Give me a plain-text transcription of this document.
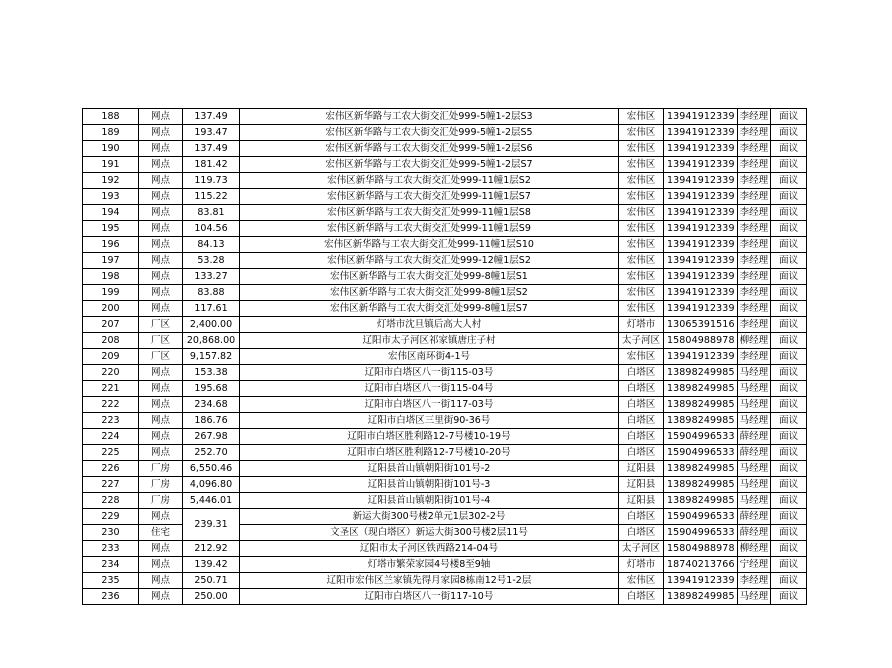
188	网点	137.49	宏伟区新华路与工农大街交汇处999-5幢1-2层S3	宏伟区	13941912339	李经理	面议
189	网点	193.47	宏伟区新华路与工农大街交汇处999-5幢1-2层S5	宏伟区	13941912339	李经理	面议
190	网点	137.49	宏伟区新华路与工农大街交汇处999-5幢1-2层S6	宏伟区	13941912339	李经理	面议
191	网点	181.42	宏伟区新华路与工农大街交汇处999-5幢1-2层S7	宏伟区	13941912339	李经理	面议
192	网点	119.73	宏伟区新华路与工农大街交汇处999-11幢1层S2	宏伟区	13941912339	李经理	面议
193	网点	115.22	宏伟区新华路与工农大街交汇处999-11幢1层S7	宏伟区	13941912339	李经理	面议
194	网点	83.81	宏伟区新华路与工农大街交汇处999-11幢1层S8	宏伟区	13941912339	李经理	面议
195	网点	104.56	宏伟区新华路与工农大街交汇处999-11幢1层S9	宏伟区	13941912339	李经理	面议
196	网点	84.13	宏伟区新华路与工农大街交汇处999-11幢1层S10	宏伟区	13941912339	李经理	面议
197	网点	53.28	宏伟区新华路与工农大街交汇处999-12幢1层S2	宏伟区	13941912339	李经理	面议
198	网点	133.27	宏伟区新华路与工农大街交汇处999-8幢1层S1	宏伟区	13941912339	李经理	面议
199	网点	83.88	宏伟区新华路与工农大街交汇处999-8幢1层S2	宏伟区	13941912339	李经理	面议
200	网点	117.61	宏伟区新华路与工农大街交汇处999-8幢1层S7	宏伟区	13941912339	李经理	面议
207	厂区	2,400.00	灯塔市沈旦镇后高大人村	灯塔市	13065391516	李经理	面议
208	厂区	20,868.00	辽阳市太子河区祁家镇唐庄子村	太子河区	15804988978	柳经理	面议
209	厂区	9,157.82	宏伟区南环街4-1号	宏伟区	13941912339	李经理	面议
220	网点	153.38	辽阳市白塔区八一街115-03号	白塔区	13898249985	马经理	面议
221	网点	195.68	辽阳市白塔区八一街115-04号	白塔区	13898249985	马经理	面议
222	网点	234.68	辽阳市白塔区八一街117-03号	白塔区	13898249985	马经理	面议
223	网点	186.76	辽阳市白塔区三里街90-36号	白塔区	13898249985	马经理	面议
224	网点	267.98	辽阳市白塔区胜利路12-7号楼10-19号	白塔区	15904996533	薛经理	面议
225	网点	252.70	辽阳市白塔区胜利路12-7号楼10-20号	白塔区	15904996533	薛经理	面议
226	厂房	6,550.46	辽阳县首山镇朝阳街101号-2	辽阳县	13898249985	马经理	面议
227	厂房	4,096.80	辽阳县首山镇朝阳街101号-3	辽阳县	13898249985	马经理	面议
228	厂房	5,446.01	辽阳县首山镇朝阳街101号-4	辽阳县	13898249985	马经理	面议
229	网点	239.31	新运大街300号楼2单元1层302-2号	白塔区	15904996533	薛经理	面议
230	住宅		文圣区（现白塔区）新运大街300号楼2层11号	白塔区	15904996533	薛经理	面议
233	网点	212.92	辽阳市太子河区铁西路214-04号	太子河区	15804988978	柳经理	面议
234	网点	139.42	灯塔市繁荣家园4号楼8至9轴	灯塔市	18740213766	宁经理	面议
235	网点	250.71	辽阳市宏伟区兰家镇先得月家园8栋南12号1-2层	宏伟区	13941912339	李经理	面议
236	网点	250.00	辽阳市白塔区八一街117-10号	白塔区	13898249985	马经理	面议
